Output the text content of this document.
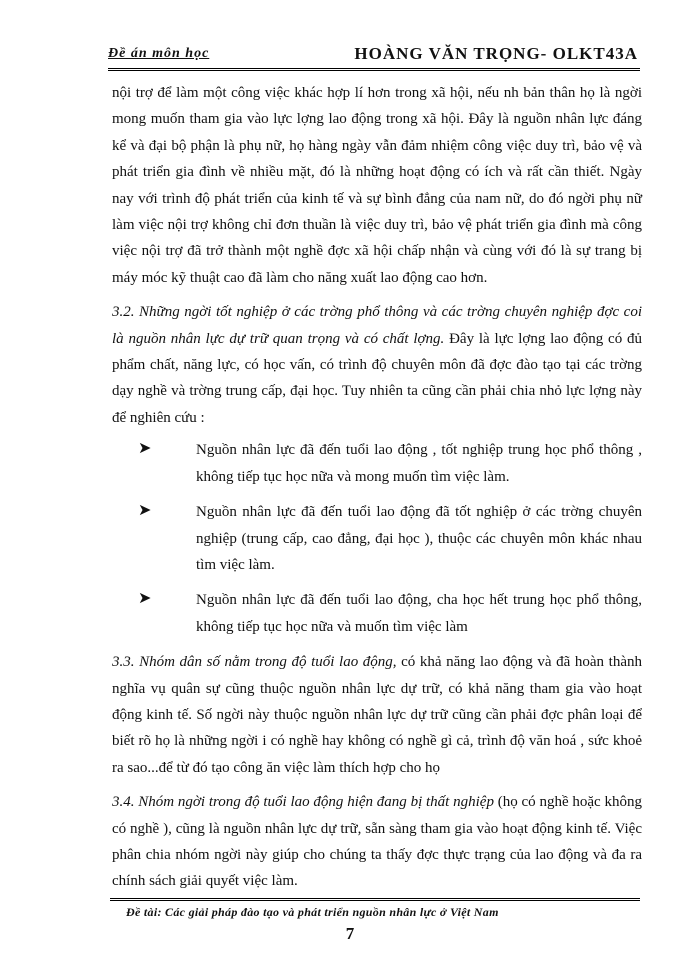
Đề án môn học	HOÀNG VĂN TRỌNG- OLKT43A

nội trợ để làm một công việc khác hợp lí hơn trong xã hội, nếu nh bản thân họ là ngời mong muốn tham gia vào lực lợng lao động trong xã hội. Đây là nguồn nhân lực đáng kể và đại bộ phận là phụ nữ, họ hàng ngày vẫn đảm nhiệm công việc duy trì, bảo vệ và phát triển gia đình về nhiều mặt, đó là những hoạt động có ích và rất cần thiết. Ngày nay với trình độ phát triển của kinh tế và sự bình đẳng của nam nữ, do đó ngời phụ nữ làm việc nội trợ không chỉ đơn thuần là việc duy trì, bảo vệ phát triển gia đình mà công việc nội trợ đã trở thành một nghề đợc xã hội chấp nhận và cùng với đó là sự trang bị máy móc kỹ thuật cao đã làm cho năng xuất lao động cao hơn.

3.2. Những ngời tốt nghiệp ở các trờng phổ thông và các trờng chuyên nghiệp đợc coi là nguồn nhân lực dự trữ quan trọng và có chất lợng. Đây là lực lợng lao động có đủ phẩm chất, năng lực, có học vấn, có trình độ chuyên môn đã đợc đào tạo tại các trờng dạy nghề và trờng trung cấp, đại học. Tuy nhiên ta cũng cần phải chia nhỏ lực lợng này để nghiên cứu :

➤	Nguồn nhân lực đã đến tuổi lao động , tốt nghiệp trung học phổ thông , không tiếp tục học nữa và mong muốn tìm việc làm.
➤	Nguồn nhân lực đã đến tuổi lao động đã tốt nghiệp ở các trờng chuyên nghiệp (trung cấp, cao đẳng, đại học ), thuộc các chuyên môn khác nhau tìm việc làm.
➤	Nguồn nhân lực đã đến tuổi lao động, cha học hết trung học phổ thông, không tiếp tục học nữa và muốn tìm việc làm

3.3. Nhóm dân số nằm trong độ tuổi lao động, có khả năng lao động và đã hoàn thành nghĩa vụ quân sự cũng thuộc nguồn nhân lực dự trữ, có khả năng tham gia vào hoạt động kinh tế. Số ngời này thuộc nguồn nhân lực dự trữ cũng cần phải đợc phân loại để biết rõ họ là những ngời i có nghề hay không có nghề gì cả, trình độ văn hoá , sức khoẻ ra sao...để từ đó tạo công ăn việc làm thích hợp cho họ

3.4. Nhóm ngời trong độ tuổi lao động hiện đang bị thất nghiệp (họ có nghề hoặc không có nghề ), cũng là nguồn nhân lực dự trữ, sẵn sàng tham gia vào hoạt động kinh tế. Việc phân chia nhóm ngời này giúp cho chúng ta thấy đợc thực trạng của lao động và đa ra chính sách giải quyết việc làm.

Đề tài: Các giải pháp đào tạo và phát triển nguồn nhân lực ở Việt Nam
7
